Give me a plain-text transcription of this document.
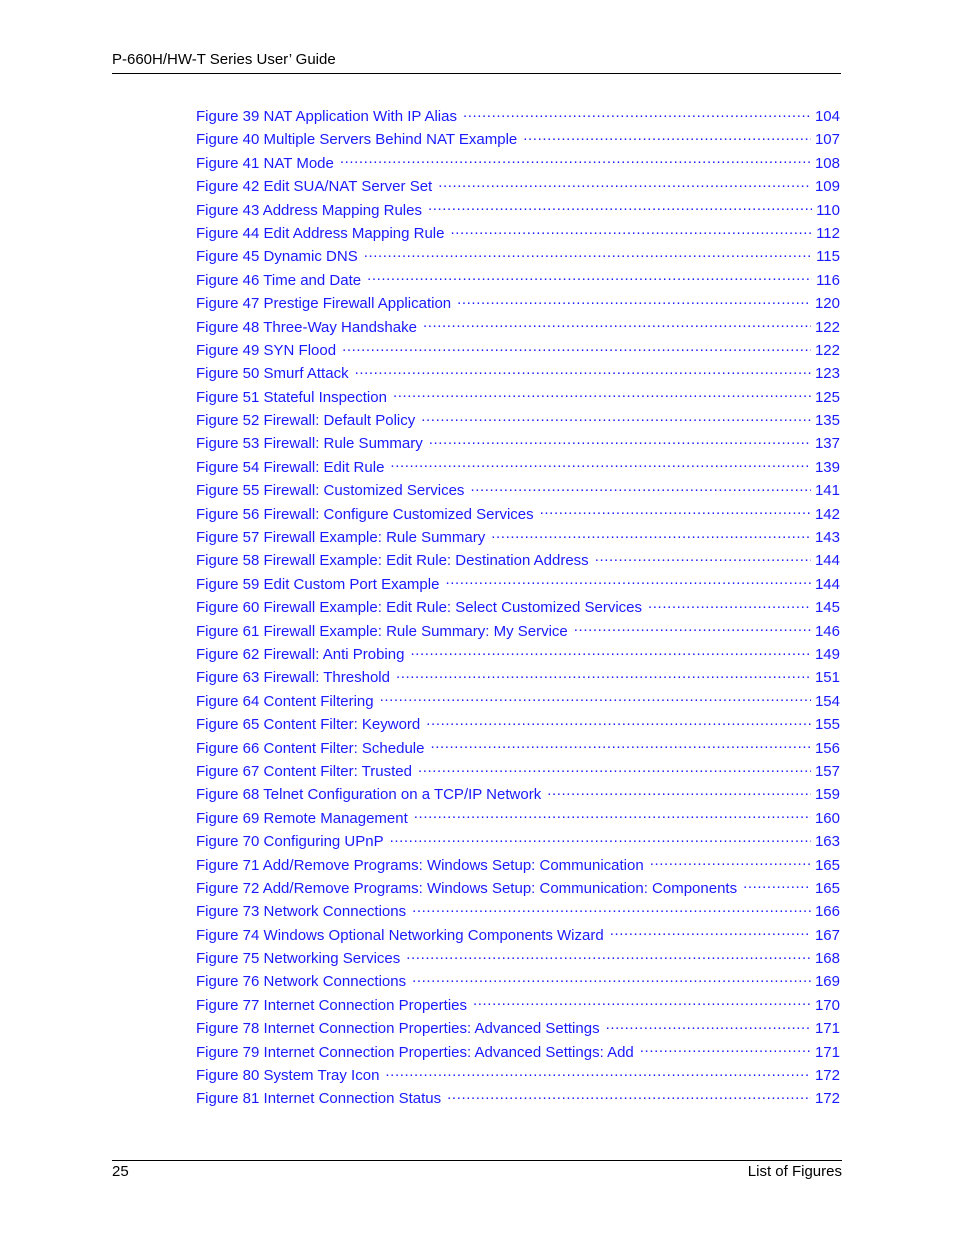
P-660H/HW-T Series User’ Guide
Figure 39 NAT Application With IP Alias .....	104
Figure 40 Multiple Servers Behind NAT Example .....	107
Figure 41 NAT Mode .....	108
Figure 42 Edit SUA/NAT Server Set .....	109
Figure 43 Address Mapping Rules .....	110
Figure 44 Edit Address Mapping Rule .....	112
Figure 45 Dynamic DNS .....	115
Figure 46 Time and Date .....	116
Figure 47 Prestige Firewall Application .....	120
Figure 48 Three-Way Handshake .....	122
Figure 49 SYN Flood .....	122
Figure 50 Smurf Attack .....	123
Figure 51 Stateful Inspection .....	125
Figure 52 Firewall: Default Policy .....	135
Figure 53 Firewall: Rule Summary .....	137
Figure 54 Firewall: Edit Rule .....	139
Figure 55 Firewall: Customized Services .....	141
Figure 56 Firewall: Configure Customized Services .....	142
Figure 57 Firewall Example: Rule Summary .....	143
Figure 58 Firewall Example: Edit Rule: Destination Address .....	144
Figure 59 Edit Custom Port Example .....	144
Figure 60 Firewall Example: Edit Rule: Select Customized Services .....	145
Figure 61 Firewall Example: Rule Summary: My Service .....	146
Figure 62 Firewall: Anti Probing .....	149
Figure 63 Firewall: Threshold .....	151
Figure 64 Content Filtering .....	154
Figure 65 Content Filter: Keyword .....	155
Figure 66 Content Filter: Schedule .....	156
Figure 67 Content Filter: Trusted .....	157
Figure 68 Telnet Configuration on a TCP/IP Network .....	159
Figure 69 Remote Management .....	160
Figure 70 Configuring UPnP .....	163
Figure 71 Add/Remove Programs: Windows Setup: Communication .....	165
Figure 72 Add/Remove Programs: Windows Setup: Communication: Components .....	165
Figure 73 Network Connections .....	166
Figure 74 Windows Optional Networking Components Wizard .....	167
Figure 75 Networking Services .....	168
Figure 76 Network Connections .....	169
Figure 77 Internet Connection Properties .....	170
Figure 78 Internet Connection Properties: Advanced Settings .....	171
Figure 79 Internet Connection Properties: Advanced Settings: Add .....	171
Figure 80 System Tray Icon .....	172
Figure 81 Internet Connection Status .....	172
25	List of Figures
